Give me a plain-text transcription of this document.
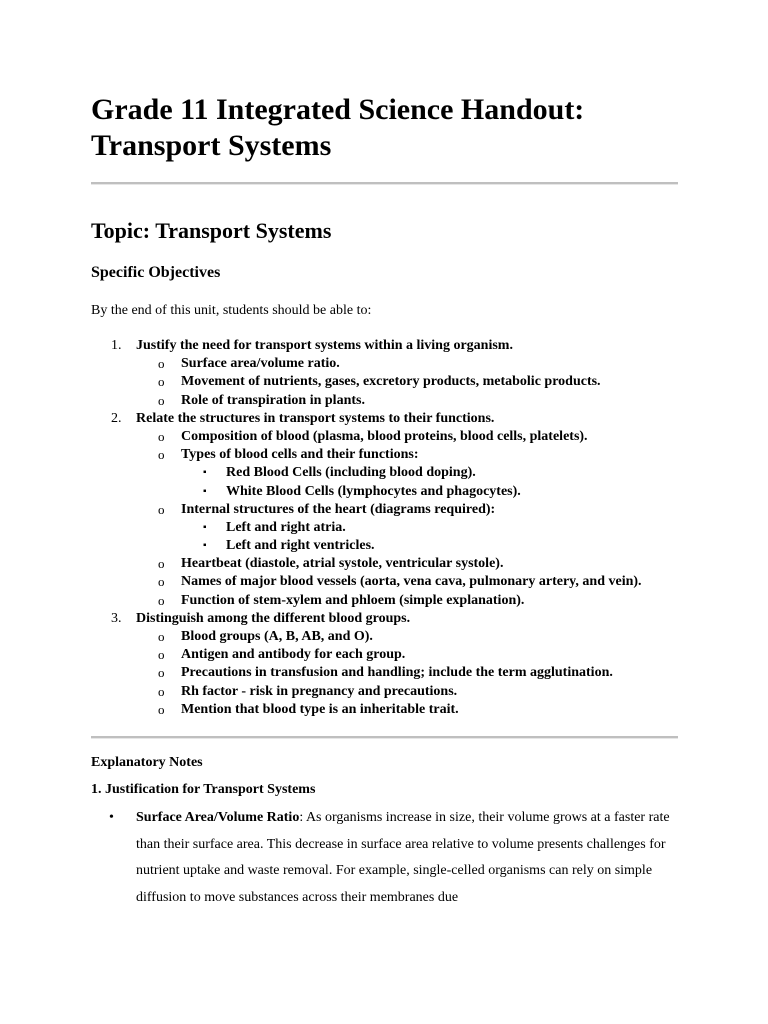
Grade 11 Integrated Science Handout: Transport Systems
Topic: Transport Systems
Specific Objectives

By the end of this unit, students should be able to:

1. Justify the need for transport systems within a living organism.
o Surface area/volume ratio.
o Movement of nutrients, gases, excretory products, metabolic products.
o Role of transpiration in plants.
2. Relate the structures in transport systems to their functions.
o Composition of blood (plasma, blood proteins, blood cells, platelets).
o Types of blood cells and their functions:
▪ Red Blood Cells (including blood doping).
▪ White Blood Cells (lymphocytes and phagocytes).
o Internal structures of the heart (diagrams required):
▪ Left and right atria.
▪ Left and right ventricles.
o Heartbeat (diastole, atrial systole, ventricular systole).
o Names of major blood vessels (aorta, vena cava, pulmonary artery, and vein).
o Function of stem-xylem and phloem (simple explanation).
3. Distinguish among the different blood groups.
o Blood groups (A, B, AB, and O).
o Antigen and antibody for each group.
o Precautions in transfusion and handling; include the term agglutination.
o Rh factor - risk in pregnancy and precautions.
o Mention that blood type is an inheritable trait.

Explanatory Notes

1. Justification for Transport Systems

• Surface Area/Volume Ratio: As organisms increase in size, their volume grows at a faster rate than their surface area. This decrease in surface area relative to volume presents challenges for nutrient uptake and waste removal. For example, single-celled organisms can rely on simple diffusion to move substances across their membranes due
